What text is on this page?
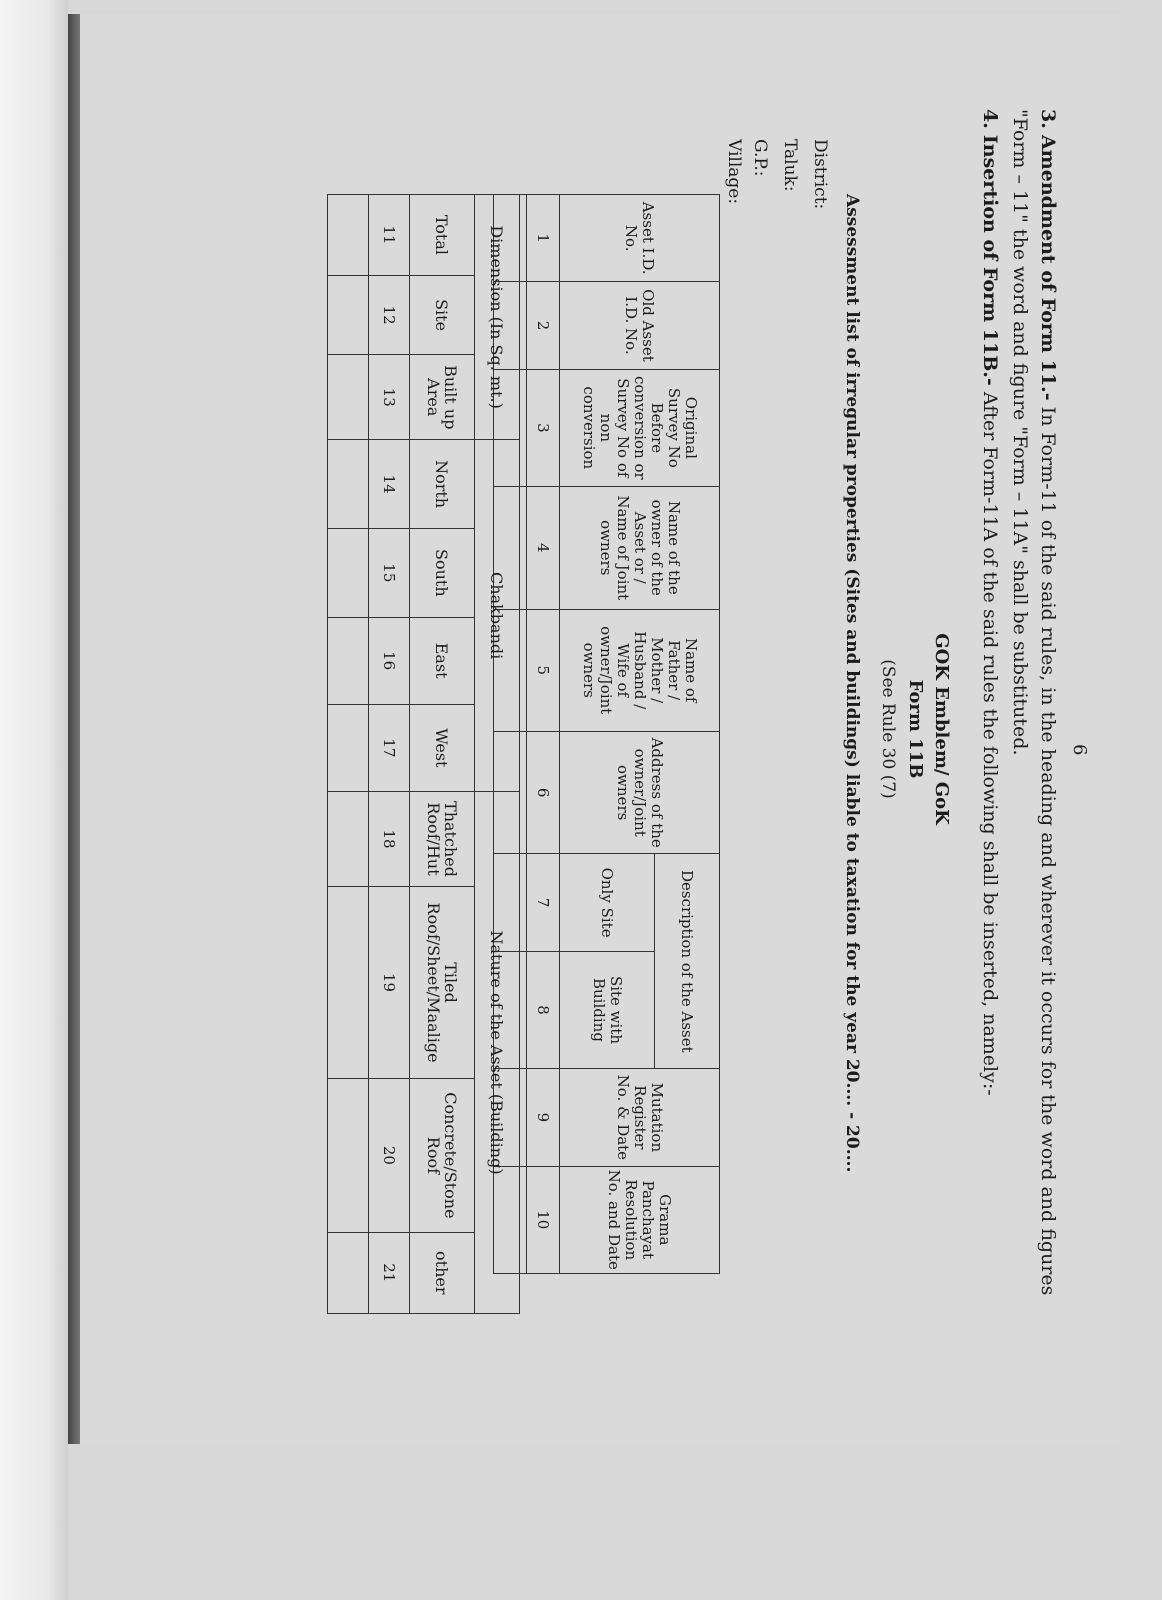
6
3. Amendment of Form 11.- In Form-11 of the said rules, in the heading and wherever it occurs for the word and figures "Form – 11" the word and figure "Form – 11A" shall be substituted.
4. Insertion of Form 11B.- After Form-11A of the said rules the following shall be inserted, namely:-
GOK Emblem/ GoK
Form 11B
(See Rule 30 (7)
Assessment list of irregular properties (Sites and buildings) liable to taxation for the year 20.... - 20....
District:
Taluk:
G.P.:
Village:
Asset I.D. No.	Old Asset I.D. No.	Original Survey No Before conversion or Survey No of non conversion	Name of the owner of the Asset or / Name of Joint owners	Name of Father / Mother / Husband / Wife of owner/Joint owners	Address of the owner/Joint owners	Description of the Asset		Mutation Register No. & Date	Grama Panchayat Resolution No. and Date
						Only Site	Site with Building		
1	2	3	4	5	6	7	8	9	10

Dimension (In Sq. mt.)			Chakbandi				Nature of the Asset (Building)			
Total	Site	Built up Area	North	South	East	West	Thatched Roof/Hut	Tiled Roof/Sheet/Maalige	Concrete/Stone Roof	other
11	12	13	14	15	16	17	18	19	20	21
